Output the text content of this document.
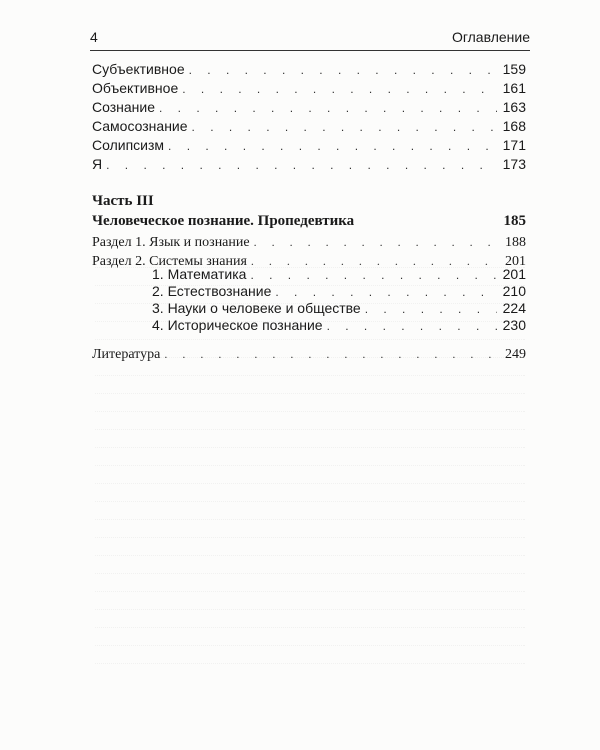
4	Оглавление
Субъективное . . .	159
Объективное . . .	161
Сознание . . .	163
Самосознание . . .	168
Солипсизм . . .	171
Я . . .	173
Часть III
Человеческое познание. Пропедевтика	185
Раздел 1. Язык и познание . . .	188
Раздел 2. Системы знания . . .	201
1. Математика . . .	201
2. Естествознание . . .	210
3. Науки о человеке и обществе . . .	224
4. Историческое познание . . .	230
Литература . . .	249
